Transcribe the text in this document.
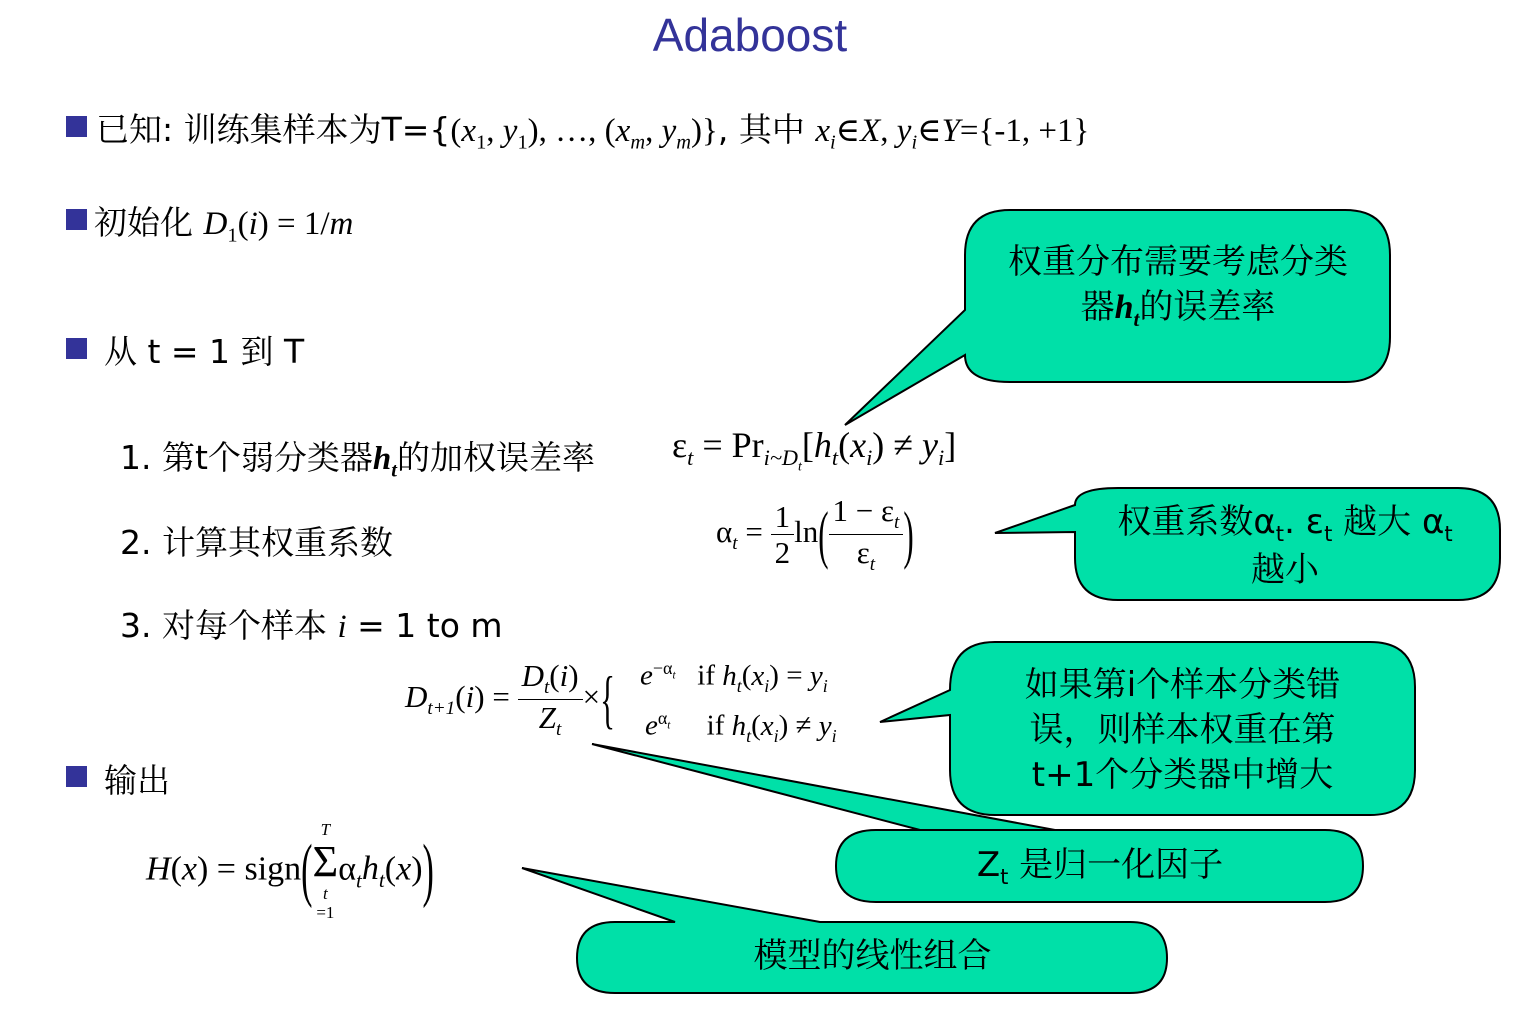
Adaboost
已知: 训练集样本为$T=\{(x_1$, $y_1$), …, ($x_m$, $y_m$)}, 其中 $x_i\in X$, $y_i\in Y=\{-1$, +1}
初始化 $D_1(i) = 1/m$
从 t = 1 到 T
1. 第t个弱分类器$h_t$的加权误差率 $\varepsilon_t = Pr_{i\sim D_t}[h_t(x_i) \ne y_i]$
2. 计算其权重系数	$\alpha_t = \frac{1}{2} \ln( \frac{1 - \varepsilon_t}{\varepsilon_t}$ )
3. 对每个样本 i = 1 to m
$D_{t+1}(i) = \frac{D_t(i)}{Z_t}$ ×{ $e^{-\alpha_t}$ if $h_t(x_i) = y_i$
$e^{\alpha_t}$ if $h_t(x_i) \ne y_i$
输出
H(x) = sign(
T
Σ
t
$=1\alpha_th_t(x)$)
权重分布需要考虑分类
器$h_t$的误差率
权重系数$\alpha_t$. $\varepsilon_t$ 越大 $\alpha_t$
越小
如果第i个样本分类错
误，则样本权重在第
t+1个分类器中增大
$Z_t$ 是归一化因子
模型的线性组合
